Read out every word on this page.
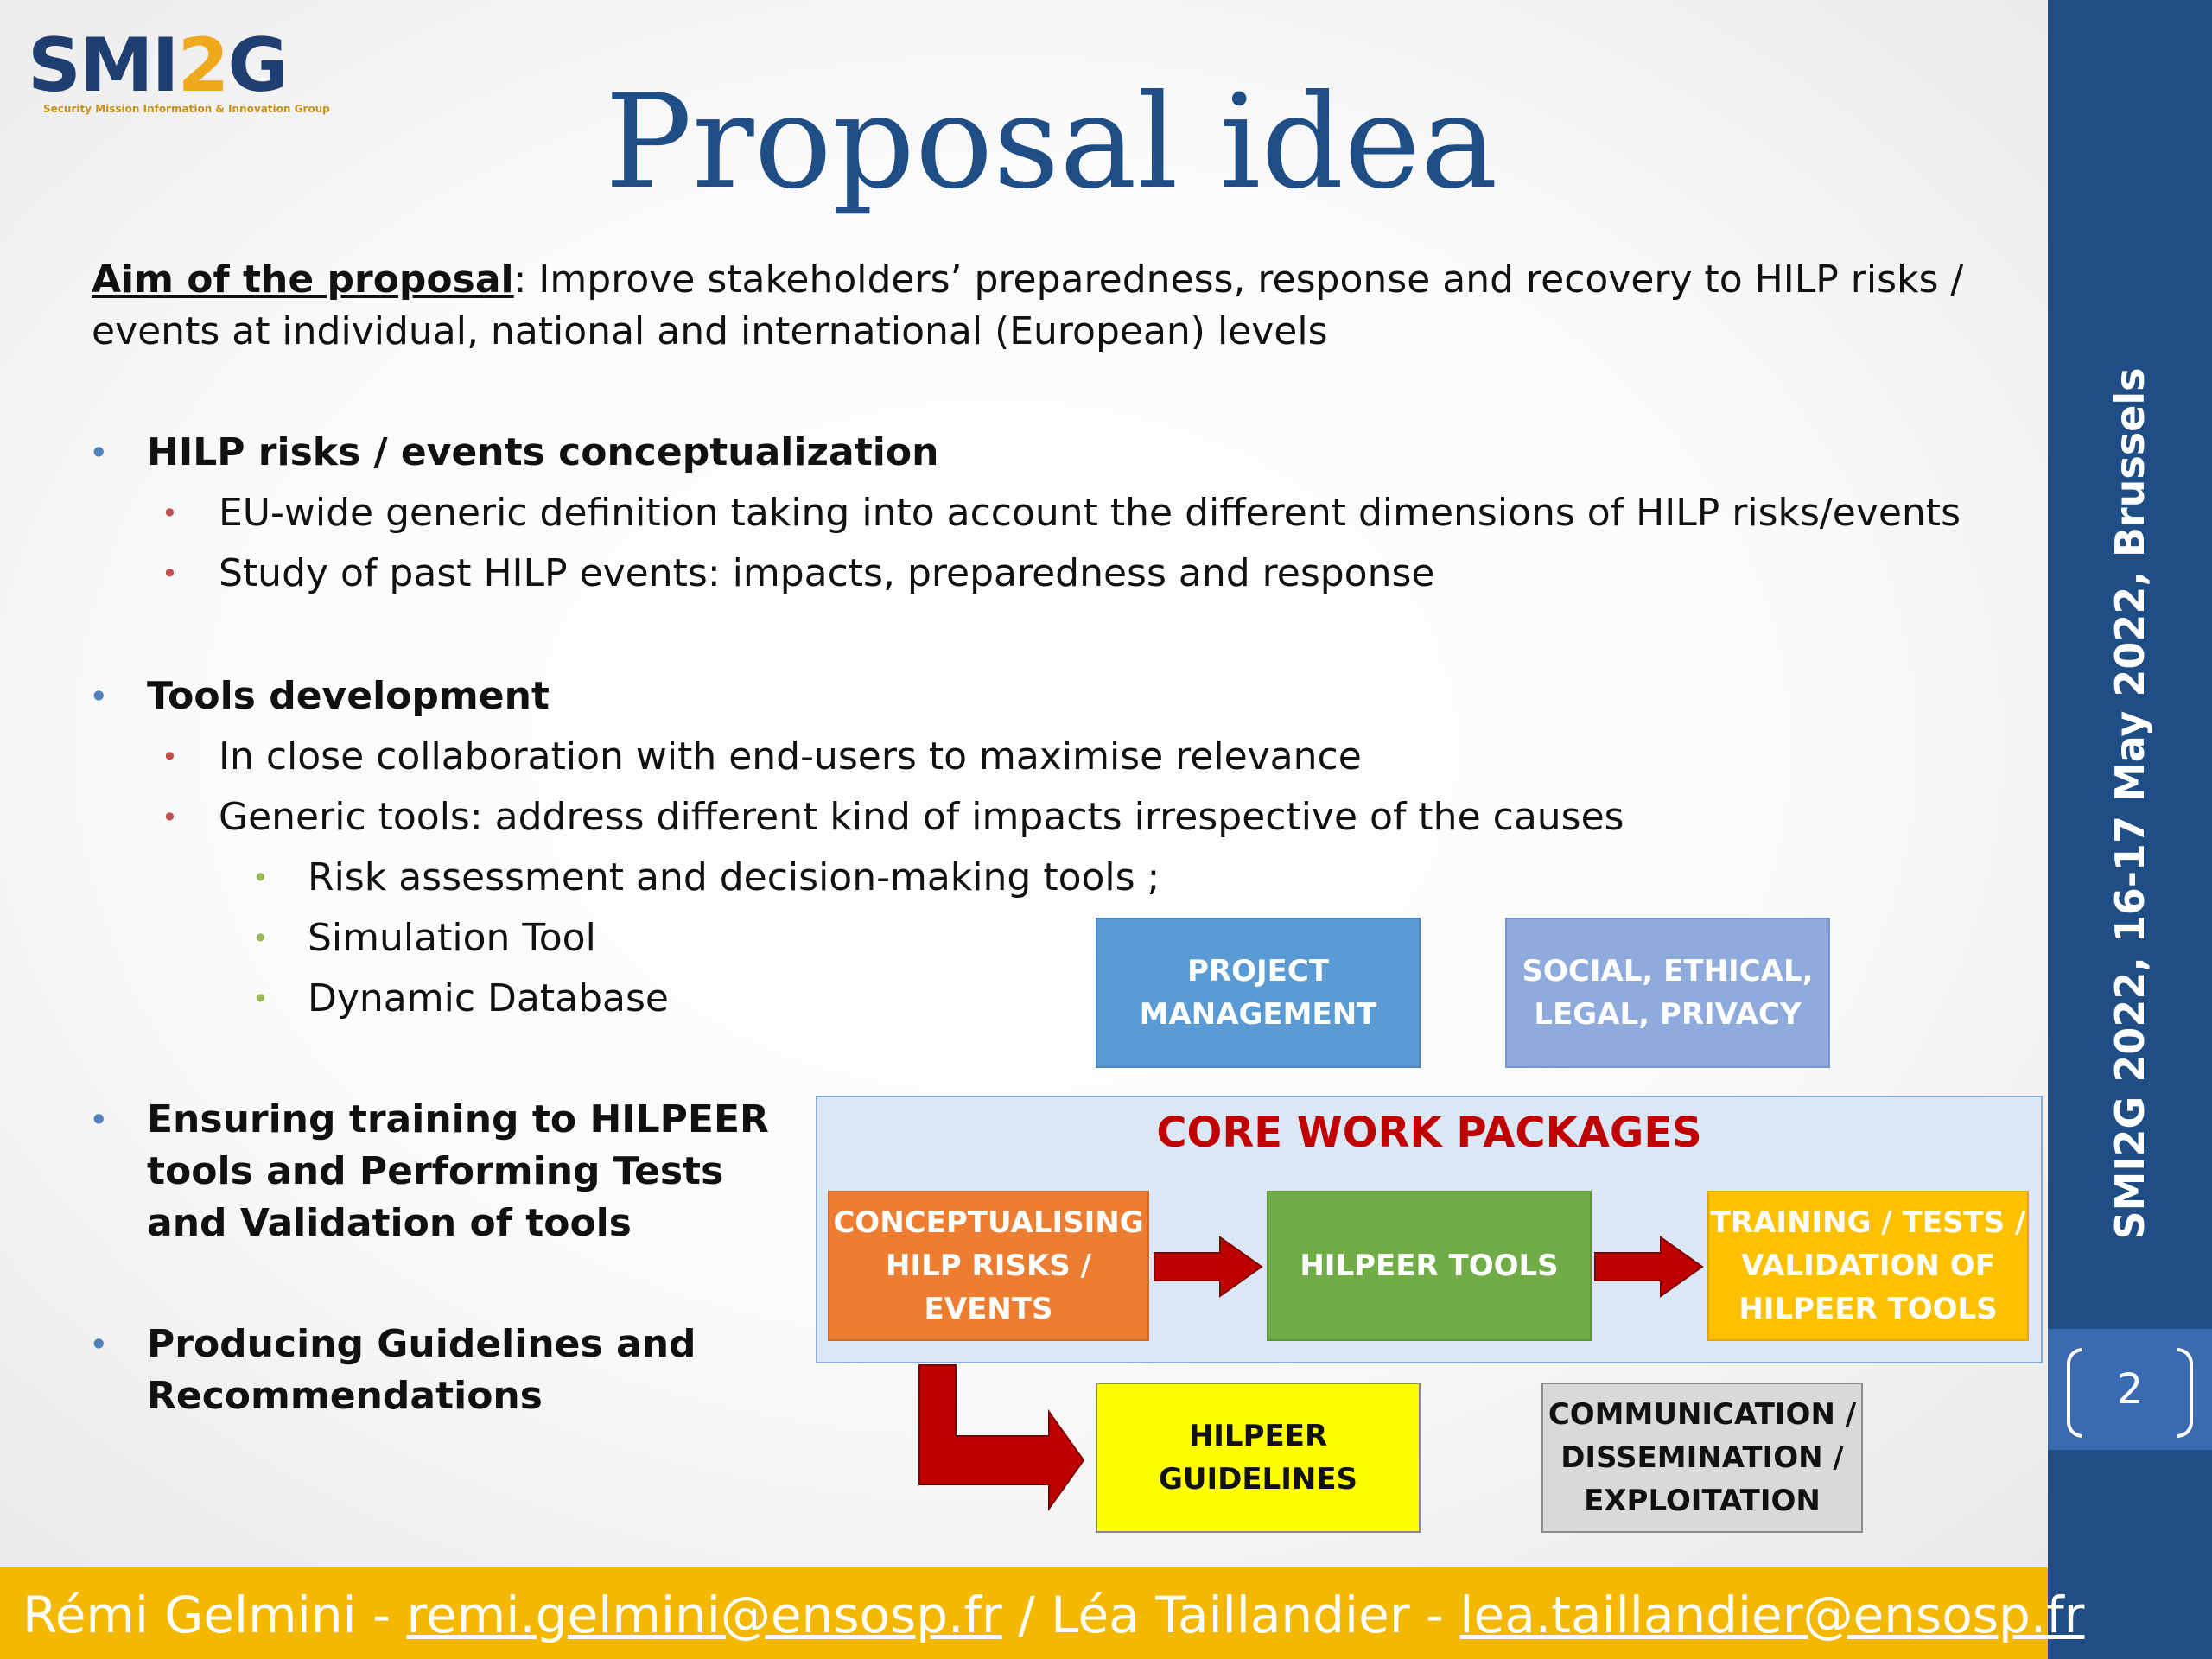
SMI2G
Security Mission Information & Innovation Group Proposal idea
Aim of the proposal: Improve stakeholders’ preparedness, response and recovery to HILP risks / events at individual, national and international (European) levels
• HILP risks / events conceptualization
• EU-wide generic definition taking into account the different dimensions of HILP risks/events
• Study of past HILP events: impacts, preparedness and response
• Tools development
• In close collaboration with end-users to maximise relevance
• Generic tools: address different kind of impacts irrespective of the causes
• Risk assessment and decision-making tools ;
• Simulation Tool
• Dynamic Database
• Ensuring training to HILPEER tools and Performing Tests and Validation of tools
• Producing Guidelines and Recommendations
PROJECT MANAGEMENT
SOCIAL, ETHICAL, LEGAL, PRIVACY
CORE WORK PACKAGES
CONCEPTUALISING HILP RISKS / EVENTS
HILPEER TOOLS
TRAINING / TESTS / VALIDATION OF HILPEER TOOLS
HILPEER GUIDELINES
COMMUNICATION / DISSEMINATION / EXPLOITATION
SMI2G 2022, 16-17 May 2022, Brussels
2
Rémi Gelmini - remi.gelmini@ensosp.fr / Léa Taillandier - lea.taillandier@ensosp.fr
